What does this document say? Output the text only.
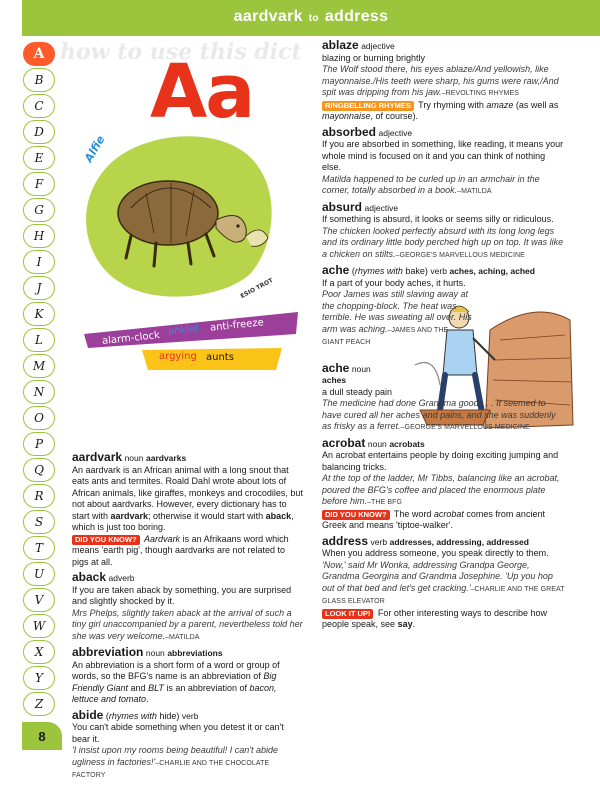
aardvark to address
A
B
C
D
E
F
G
H
I
J
K
L
M
N
O
P
Q
R
S
T
U
V
W
X
Y
Z
8
how to use this dict
Aa
Alfie
ESIO TROT
alarm-clock anklet anti-freeze
argying aunts
aardvark noun aardvarks
An aardvark is an African animal with a long snout that eats ants and termites. Roald Dahl wrote about lots of African animals, like giraffes, monkeys and crocodiles, but not about aardvarks. However, every dictionary has to start with aardvark; otherwise it would start with aback, which is just too boring.
DID YOU KNOW? Aardvark is an Afrikaans word which means 'earth pig', though aardvarks are not related to pigs at all.
aback adverb
If you are taken aback by something, you are surprised and slightly shocked by it.
Mrs Phelps, slightly taken aback at the arrival of such a tiny girl unaccompanied by a parent, nevertheless told her she was very welcome.–MATILDA
abbreviation noun abbreviations
An abbreviation is a short form of a word or group of words, so the BFG's name is an abbreviation of Big Friendly Giant and BLT is an abbreviation of bacon, lettuce and tomato.
abide (rhymes with hide) verb
You can't abide something when you detest it or can't bear it.
'I insist upon my rooms being beautiful! I can't abide ugliness in factories!'–CHARLIE AND THE CHOCOLATE FACTORY
ablaze adjective
blazing or burning brightly
The Wolf stood there, his eyes ablaze/And yellowish, like mayonnaise./His teeth were sharp, his gums were raw,/And spit was dripping from his jaw.–REVOLTING RHYMES
RINGBELLING RHYMES Try rhyming with amaze (as well as mayonnaise, of course).
absorbed adjective
If you are absorbed in something, like reading, it means your whole mind is focused on it and you can think of nothing else.
Matilda happened to be curled up in an armchair in the corner, totally absorbed in a book.–MATILDA
absurd adjective
If something is absurd, it looks or seems silly or ridiculous.
The chicken looked perfectly absurd with its long long legs and its ordinary little body perched high up on top. It was like a chicken on stilts.–GEORGE'S MARVELLOUS MEDICINE
ache (rhymes with bake) verb aches, aching, ached
If a part of your body aches, it hurts.

Poor James was still slaving away at the chopping-block. The heat was terrible. He was sweating all over. His arm was aching.–JAMES AND THE GIANT PEACH
ache noun
aches
a dull steady pain
The medicine had done Grandma good . . . It seemed to have cured all her aches and pains, and she was suddenly as frisky as a ferret.–GEORGE'S MARVELLOUS MEDICINE
acrobat noun acrobats
An acrobat entertains people by doing exciting jumping and balancing tricks.
At the top of the ladder, Mr Tibbs, balancing like an acrobat, poured the BFG's coffee and placed the enormous plate before him.–THE BFG
DID YOU KNOW? The word acrobat comes from ancient Greek and means 'tiptoe-walker'.
address verb addresses, addressing, addressed
When you address someone, you speak directly to them.
'Now,' said Mr Wonka, addressing Grandpa George, Grandma Georgina and Grandma Josephine. 'Up you hop out of that bed and let's get cracking.'–CHARLIE AND THE GREAT GLASS ELEVATOR
LOOK IT UP! For other interesting ways to describe how people speak, see say.
